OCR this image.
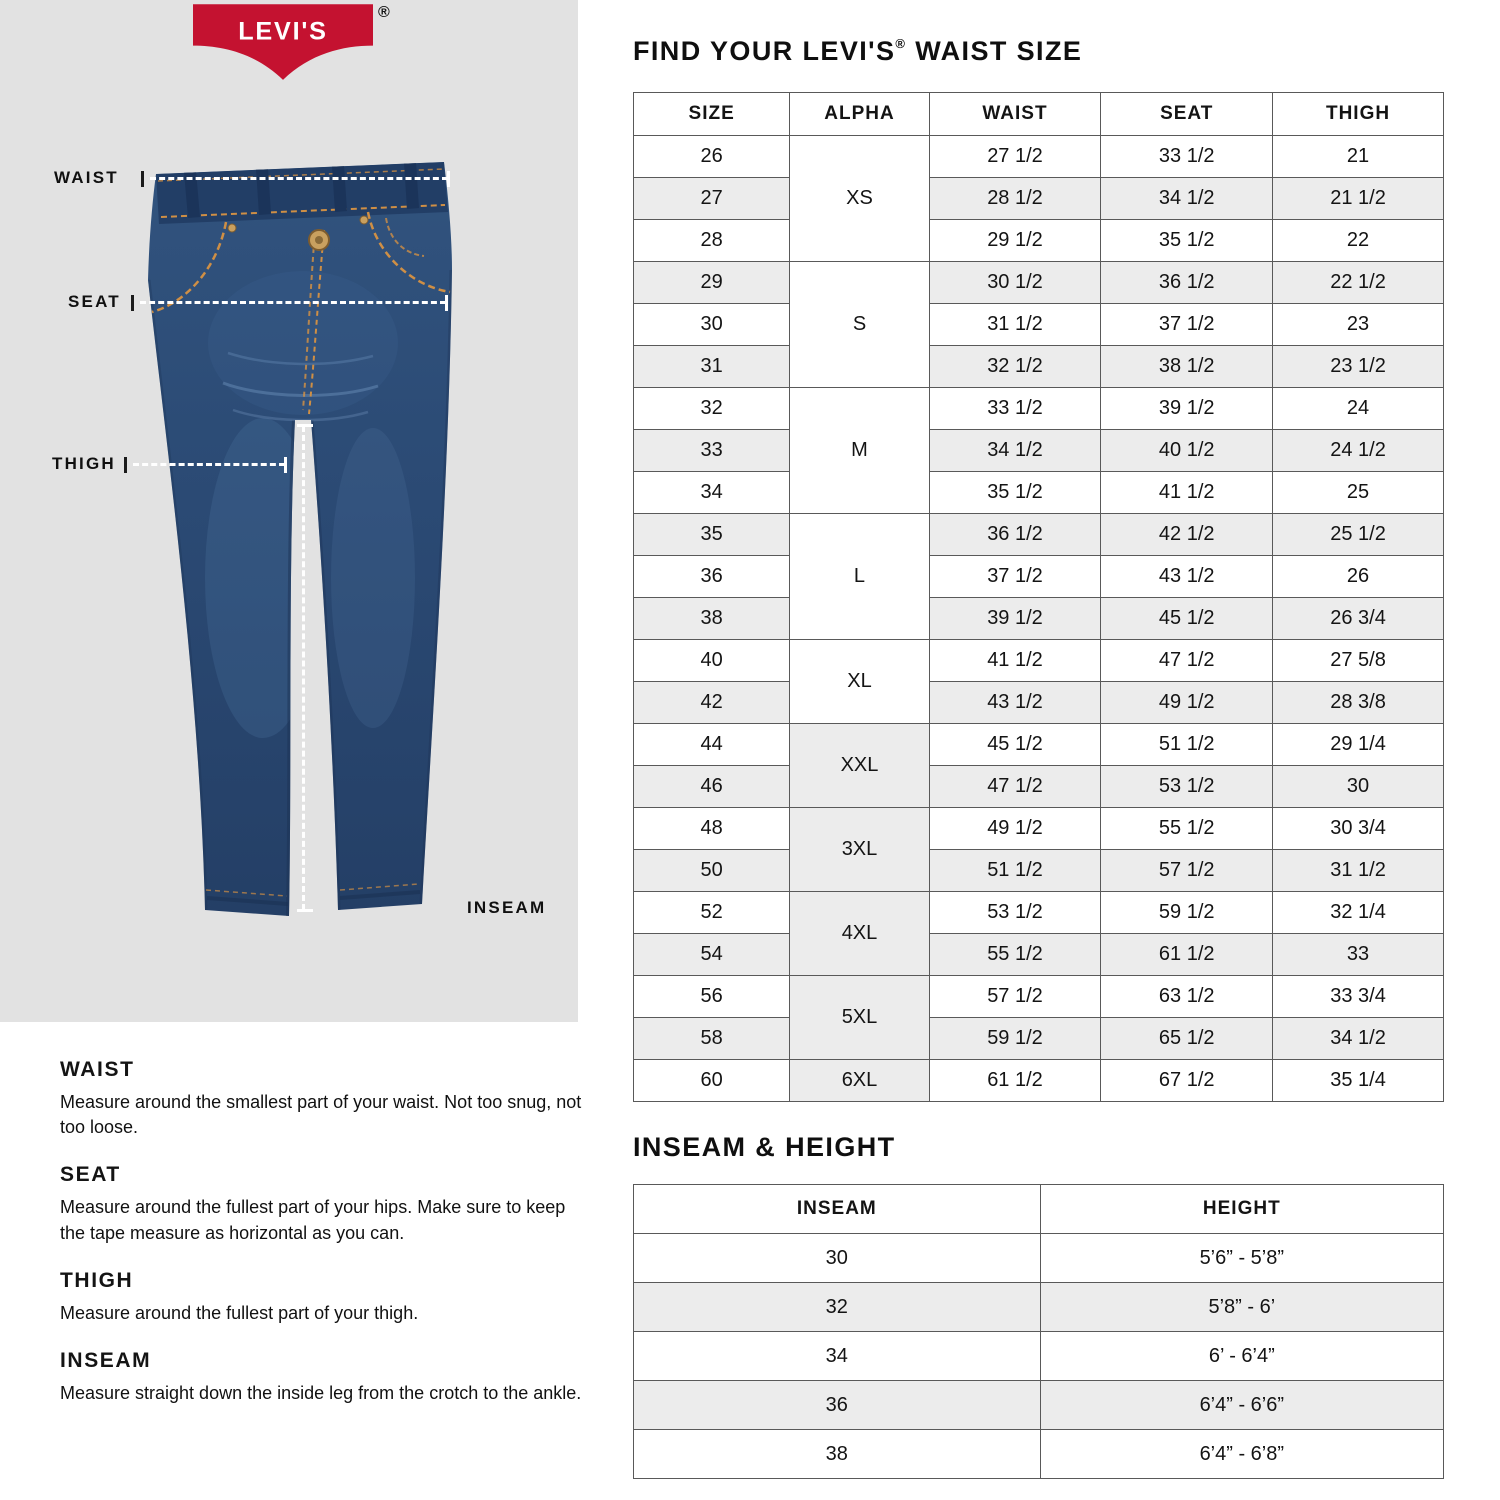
LEVI'S
®
WAIST
SEAT
THIGH
INSEAM
WAIST
Measure around the smallest part of your waist. Not too snug, not too loose.
SEAT
Measure around the fullest part of your hips. Make sure to keep the tape measure as horizontal as you can.
THIGH
Measure around the fullest part of your thigh.
INSEAM
Measure straight down the inside leg from the crotch to the ankle.
FIND YOUR LEVI'S® WAIST SIZE
SIZE	ALPHA	WAIST	SEAT	THIGH
26	XS	27 1/2	33 1/2	21
27		28 1/2	34 1/2	21 1/2
28		29 1/2	35 1/2	22
29	S	30 1/2	36 1/2	22 1/2
30		31 1/2	37 1/2	23
31		32 1/2	38 1/2	23 1/2
32	M	33 1/2	39 1/2	24
33		34 1/2	40 1/2	24 1/2
34		35 1/2	41 1/2	25
35	L	36 1/2	42 1/2	25 1/2
36		37 1/2	43 1/2	26
38		39 1/2	45 1/2	26 3/4
40	XL	41 1/2	47 1/2	27 5/8
42		43 1/2	49 1/2	28 3/8
44	XXL	45 1/2	51 1/2	29 1/4
46		47 1/2	53 1/2	30
48	3XL	49 1/2	55 1/2	30 3/4
50		51 1/2	57 1/2	31 1/2
52	4XL	53 1/2	59 1/2	32 1/4
54		55 1/2	61 1/2	33
56	5XL	57 1/2	63 1/2	33 3/4
58		59 1/2	65 1/2	34 1/2
60	6XL	61 1/2	67 1/2	35 1/4
INSEAM & HEIGHT
INSEAM	HEIGHT
30	5’6” - 5’8”
32	5’8” - 6’
34	6’ - 6’4”
36	6’4” - 6’6”
38	6’4” - 6’8”
